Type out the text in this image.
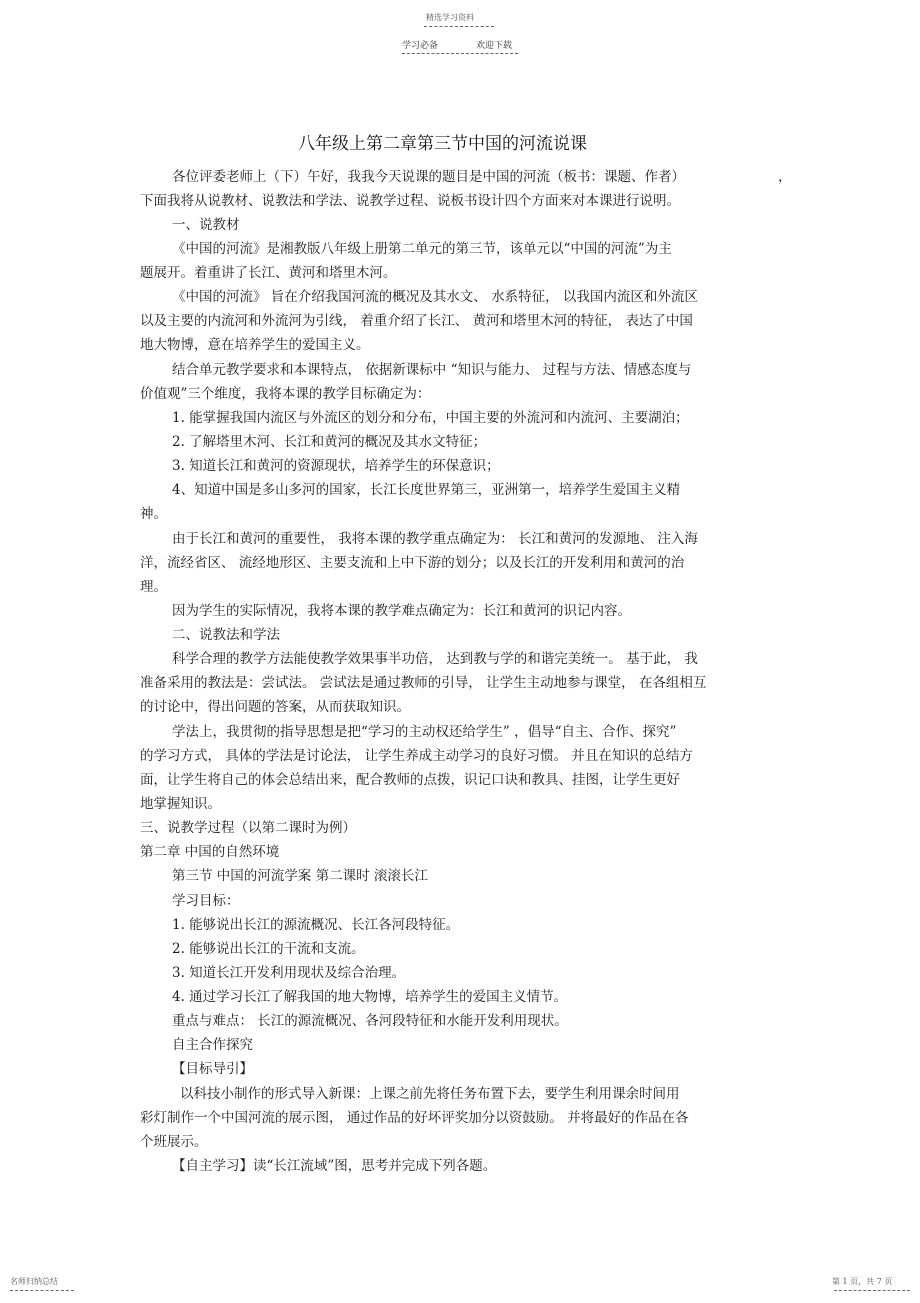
精选学习资料
学习必备	欢迎下载
八年级上第二章第三节中国的河流说课
各位评委老师上（下）午好，我我今天说课的题目是中国的河流（板书：课题、作者）	，
下面我将从说教材、说教法和学法、说教学过程、说板书设计四个方面来对本课进行说明。
一、说教材
《中国的河流》是湘教版八年级上册第二单元的第三节，该单元以“中国的河流”为主
题展开。着重讲了长江、黄河和塔里木河。
《中国的河流》 旨在介绍我国河流的概况及其水文、 水系特征， 以我国内流区和外流区
以及主要的内流河和外流河为引线， 着重介绍了长江、 黄河和塔里木河的特征， 表达了中国
地大物博，意在培养学生的爱国主义。
结合单元教学要求和本课特点， 依据新课标中 “知识与能力、 过程与方法、情感态度与
价值观”三个维度，我将本课的教学目标确定为：
1. 能掌握我国内流区与外流区的划分和分布，中国主要的外流河和内流河、主要湖泊；
2. 了解塔里木河、长江和黄河的概况及其水文特征；
3. 知道长江和黄河的资源现状，培养学生的环保意识；
4、知道中国是多山多河的国家，长江长度世界第三，亚洲第一，培养学生爱国主义精
神。
由于长江和黄河的重要性， 我将本课的教学重点确定为： 长江和黄河的发源地、 注入海
洋，流经省区、 流经地形区、主要支流和上中下游的划分；以及长江的开发利用和黄河的治
理。
因为学生的实际情况，我将本课的教学难点确定为：长江和黄河的识记内容。
二、说教法和学法
科学合理的教学方法能使教学效果事半功倍， 达到教与学的和谐完美统一。 基于此， 我
准备采用的教法是：尝试法。 尝试法是通过教师的引导， 让学生主动地参与课堂， 在各组相互
的讨论中，得出问题的答案，从而获取知识。
学法上，我贯彻的指导思想是把“学习的主动权还给学生” ，倡导“自主、合作、探究”
的学习方式， 具体的学法是讨论法， 让学生养成主动学习的良好习惯。 并且在知识的总结方
面，让学生将自己的体会总结出来，配合教师的点拨，识记口诀和教具、挂图，让学生更好
地掌握知识。
三、说教学过程（以第二课时为例）
第二章 中国的自然环境
第三节 中国的河流学案 第二课时 滚滚长江
学习目标：
1. 能够说出长江的源流概况、长江各河段特征。
2. 能够说出长江的干流和支流。
3. 知道长江开发利用现状及综合治理。
4. 通过学习长江了解我国的地大物博，培养学生的爱国主义情节。
重点与难点： 长江的源流概况、各河段特征和水能开发利用现状。
自主合作探究
【目标导引】
以科技小制作的形式导入新课：上课之前先将任务布置下去，要学生利用课余时间用
彩灯制作一个中国河流的展示图， 通过作品的好坏评奖加分以资鼓励。 并将最好的作品在各
个班展示。
【自主学习】读“长江流域”图，思考并完成下列各题。
名师归纳总结	第 1 页，共 7 页
